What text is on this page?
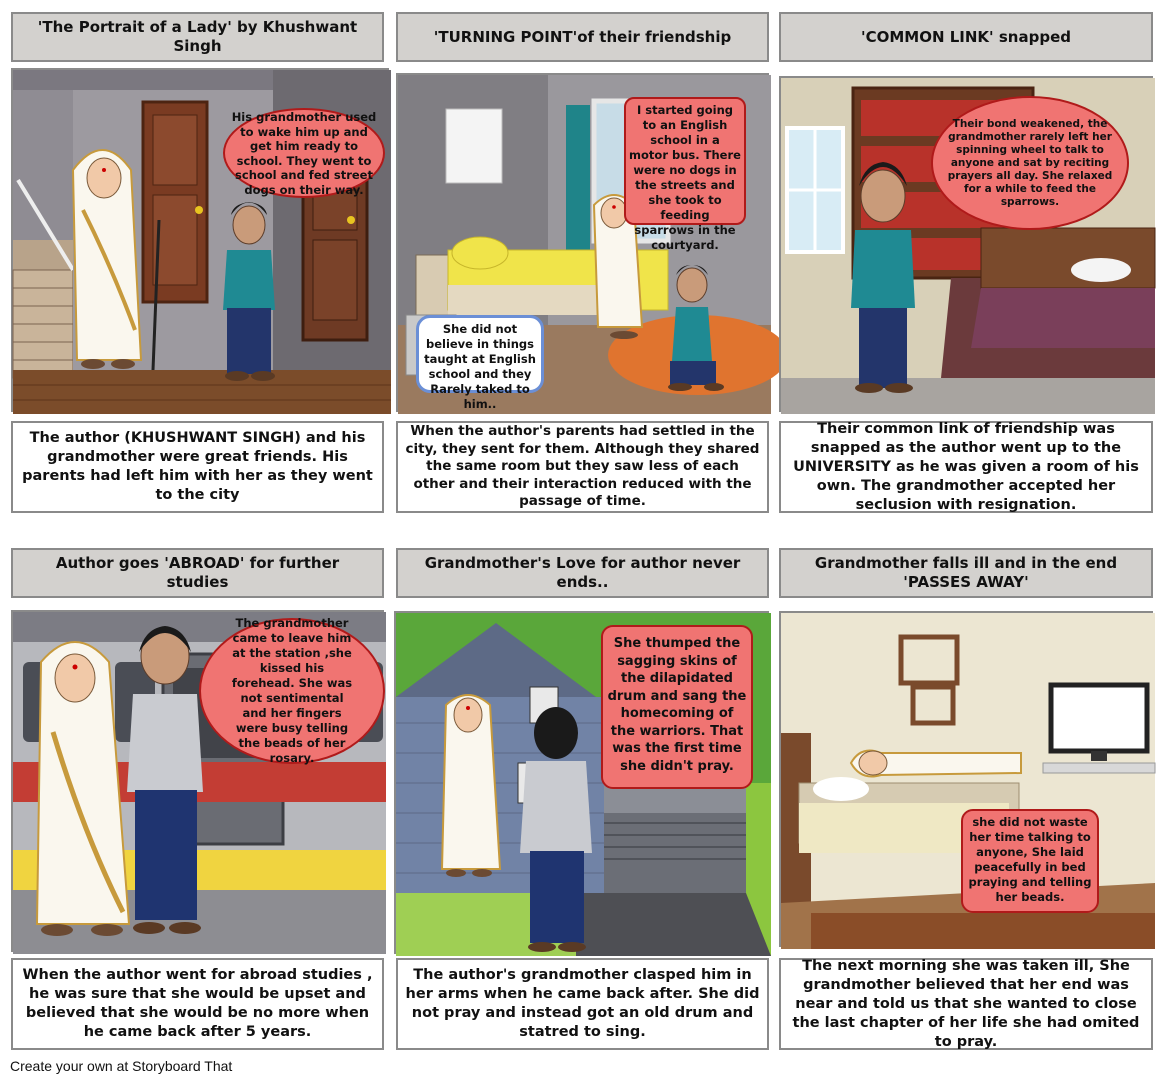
'The Portrait of a Lady' by Khushwant Singh
His grandmother used to wake him up and get him ready to school. They went to school and fed street dogs on their way.
The author (KHUSHWANT SINGH) and his grandmother were great friends. His parents had left him with her as they went to the city
'TURNING POINT'of their friendship
I started going to an English school in a motor bus. There were no dogs in the streets and she took to feeding sparrows in the courtyard.
She did not believe in things taught at English school and they Rarely taked to him..
When the author's parents had settled in the city, they sent for them. Although they shared the same room but they saw less of each other and their interaction reduced with the passage of time.
'COMMON LINK' snapped
Their bond weakened, the grandmother rarely left her spinning wheel to talk to anyone and sat by reciting prayers all day. She relaxed for a while to feed the sparrows.
Their common link of friendship was snapped as the author went up to the UNIVERSITY as he was given a room of his own. The grandmother accepted her seclusion with resignation.
Author goes 'ABROAD' for further studies
The grandmother came to leave him at the station ,she kissed his forehead. She was not sentimental and her fingers were busy telling the beads of her rosary.
When the author went for abroad studies , he was sure that she would be upset and believed that she would be no more when he came back after 5 years.
Grandmother's Love for author never ends..
She thumped the sagging skins of the dilapidated drum and sang the homecoming of the warriors. That was the first time she didn't pray.
The author's grandmother clasped him in her arms when he came back after. She did not pray and instead got an old drum and statred to sing.
Grandmother falls ill and in the end 'PASSES AWAY'
she did not waste her time talking to anyone, She laid peacefully in bed praying and telling her beads.
The next morning she was taken ill, She grandmother believed that her end was near and told us that she wanted to close the last chapter of her life she had omited to pray.
Create your own at Storyboard That
